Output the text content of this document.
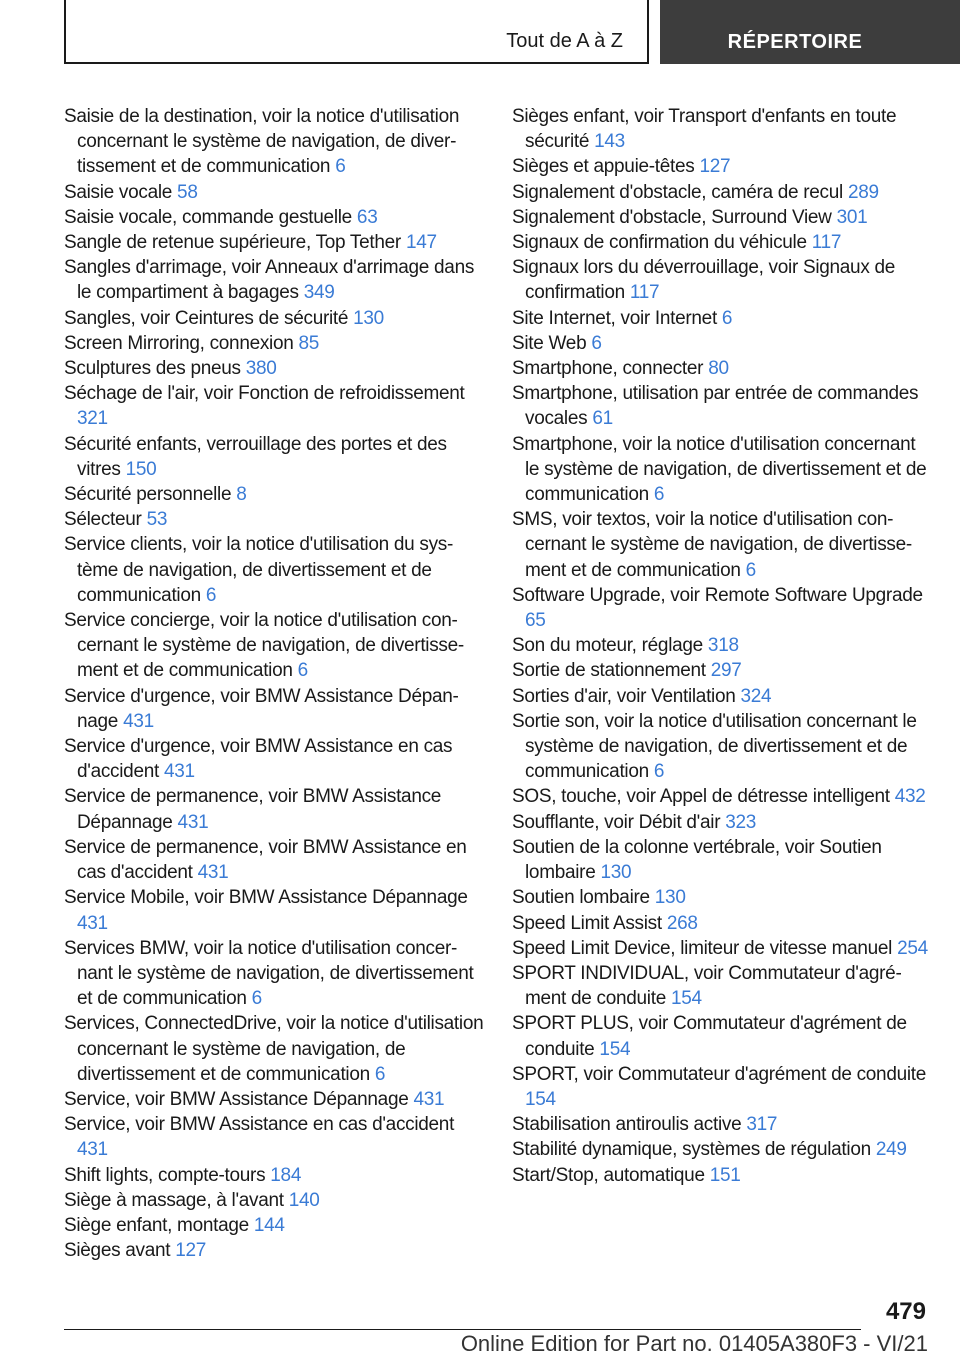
Tout de A à Z	RÉPERTOIRE
Saisie de la destination, voir la notice d'utilisation concernant le système de navigation, de divertissement et de communication 6
Saisie vocale 58
Saisie vocale, commande gestuelle 63
Sangle de retenue supérieure, Top Tether 147
Sangles d'arrimage, voir Anneaux d'arrimage dans le compartiment à bagages 349
Sangles, voir Ceintures de sécurité 130
Screen Mirroring, connexion 85
Sculptures des pneus 380
Séchage de l'air, voir Fonction de refroidissement 321
Sécurité enfants, verrouillage des portes et des vitres 150
Sécurité personnelle 8
Sélecteur 53
Service clients, voir la notice d'utilisation du système de navigation, de divertissement et de communication 6
Service concierge, voir la notice d'utilisation concernant le système de navigation, de divertissement et de communication 6
Service d'urgence, voir BMW Assistance Dépannage 431
Service d'urgence, voir BMW Assistance en cas d'accident 431
Service de permanence, voir BMW Assistance Dépannage 431
Service de permanence, voir BMW Assistance en cas d'accident 431
Service Mobile, voir BMW Assistance Dépannage 431
Services BMW, voir la notice d'utilisation concernant le système de navigation, de divertissement et de communication 6
Services, ConnectedDrive, voir la notice d'utilisation concernant le système de navigation, de divertissement et de communication 6
Service, voir BMW Assistance Dépannage 431
Service, voir BMW Assistance en cas d'accident 431
Shift lights, compte-tours 184
Siège à massage, à l'avant 140
Siège enfant, montage 144
Sièges avant 127
Sièges enfant, voir Transport d'enfants en toute sécurité 143
Sièges et appuie-têtes 127
Signalement d'obstacle, caméra de recul 289
Signalement d'obstacle, Surround View 301
Signaux de confirmation du véhicule 117
Signaux lors du déverrouillage, voir Signaux de confirmation 117
Site Internet, voir Internet 6
Site Web 6
Smartphone, connecter 80
Smartphone, utilisation par entrée de commandes vocales 61
Smartphone, voir la notice d'utilisation concernant le système de navigation, de divertissement et de communication 6
SMS, voir textos, voir la notice d'utilisation concernant le système de navigation, de divertissement et de communication 6
Software Upgrade, voir Remote Software Upgrade 65
Son du moteur, réglage 318
Sortie de stationnement 297
Sorties d'air, voir Ventilation 324
Sortie son, voir la notice d'utilisation concernant le système de navigation, de divertissement et de communication 6
SOS, touche, voir Appel de détresse intelligent 432
Soufflante, voir Débit d'air 323
Soutien de la colonne vertébrale, voir Soutien lombaire 130
Soutien lombaire 130
Speed Limit Assist 268
Speed Limit Device, limiteur de vitesse manuel 254
SPORT INDIVIDUAL, voir Commutateur d'agrément de conduite 154
SPORT PLUS, voir Commutateur d'agrément de conduite 154
SPORT, voir Commutateur d'agrément de conduite 154
Stabilisation antiroulis active 317
Stabilité dynamique, systèmes de régulation 249
Start/Stop, automatique 151
479
Online Edition for Part no. 01405A380F3 - VI/21
